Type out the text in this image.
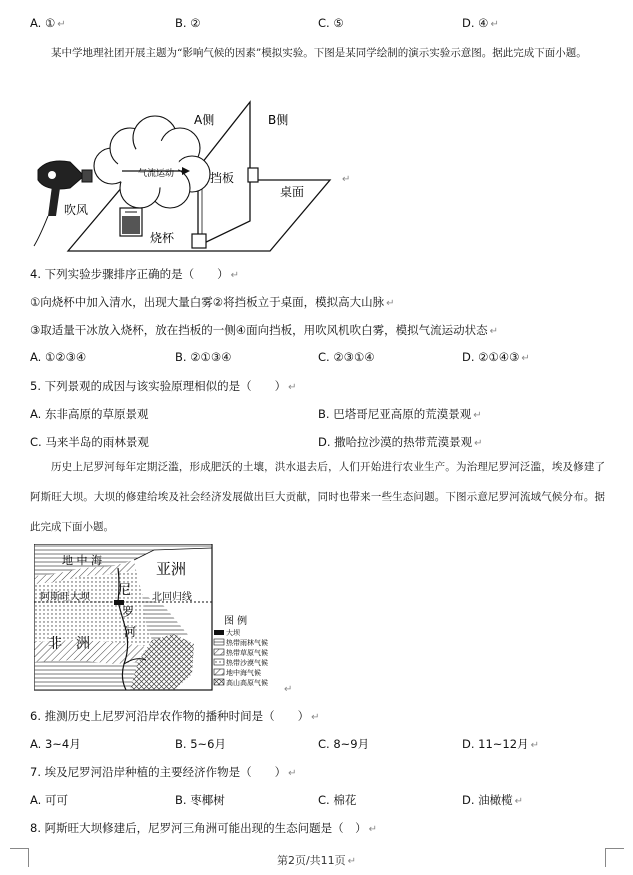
A. ① ↵	B. ②	C. ⑤	D. ④ ↵
某中学地理社团开展主题为“影响气候的因素”模拟实验。下图是某同学绘制的演示实验示意图。据此完成下面小题。
A侧	B侧
气流运动	挡板
桌面
吹风
烧杯
↵
4. 下列实验步骤排序正确的是（　　） ↵
①向烧杯中加入清水，出现大量白雾②将挡板立于桌面，模拟高大山脉 ↵
③取适量干冰放入烧杯，放在挡板的一侧④面向挡板，用吹风机吹白雾，模拟气流运动状态 ↵
A. ①②③④	B. ②①③④	C. ②③①④	D. ②①④③ ↵
5. 下列景观的成因与该实验原理相似的是（　　） ↵
A. 东非高原的草原景观	B. 巴塔哥尼亚高原的荒漠景观 ↵
C. 马来半岛的雨林景观	D. 撒哈拉沙漠的热带荒漠景观 ↵
历史上尼罗河每年定期泛滥，形成肥沃的土壤，洪水退去后，人们开始进行农业生产。为治理尼罗河泛滥，埃及修建了阿斯旺大坝。大坝的修建给埃及社会经济发展做出巨大贡献，同时也带来一些生态问题。下图示意尼罗河流域气候分布。据此完成下面小题。
地 中 海	亚洲
阿斯旺大坝	北回归线
非　洲
尼
罗
河
图 例
大坝
热带雨林气候
热带草原气候
热带沙漠气候
地中海气候
高山高原气候
↵
6. 推测历史上尼罗河沿岸农作物的播种时间是（　　） ↵
A. 3~4月	B. 5~6月	C. 8~9月	D. 11~12月 ↵
7. 埃及尼罗河沿岸种植的主要经济作物是（　　） ↵
A. 可可	B. 枣椰树	C. 棉花	D. 油橄榄 ↵
8. 阿斯旺大坝修建后，尼罗河三角洲可能出现的生态问题是（　） ↵
第2页/共11页 ↵
